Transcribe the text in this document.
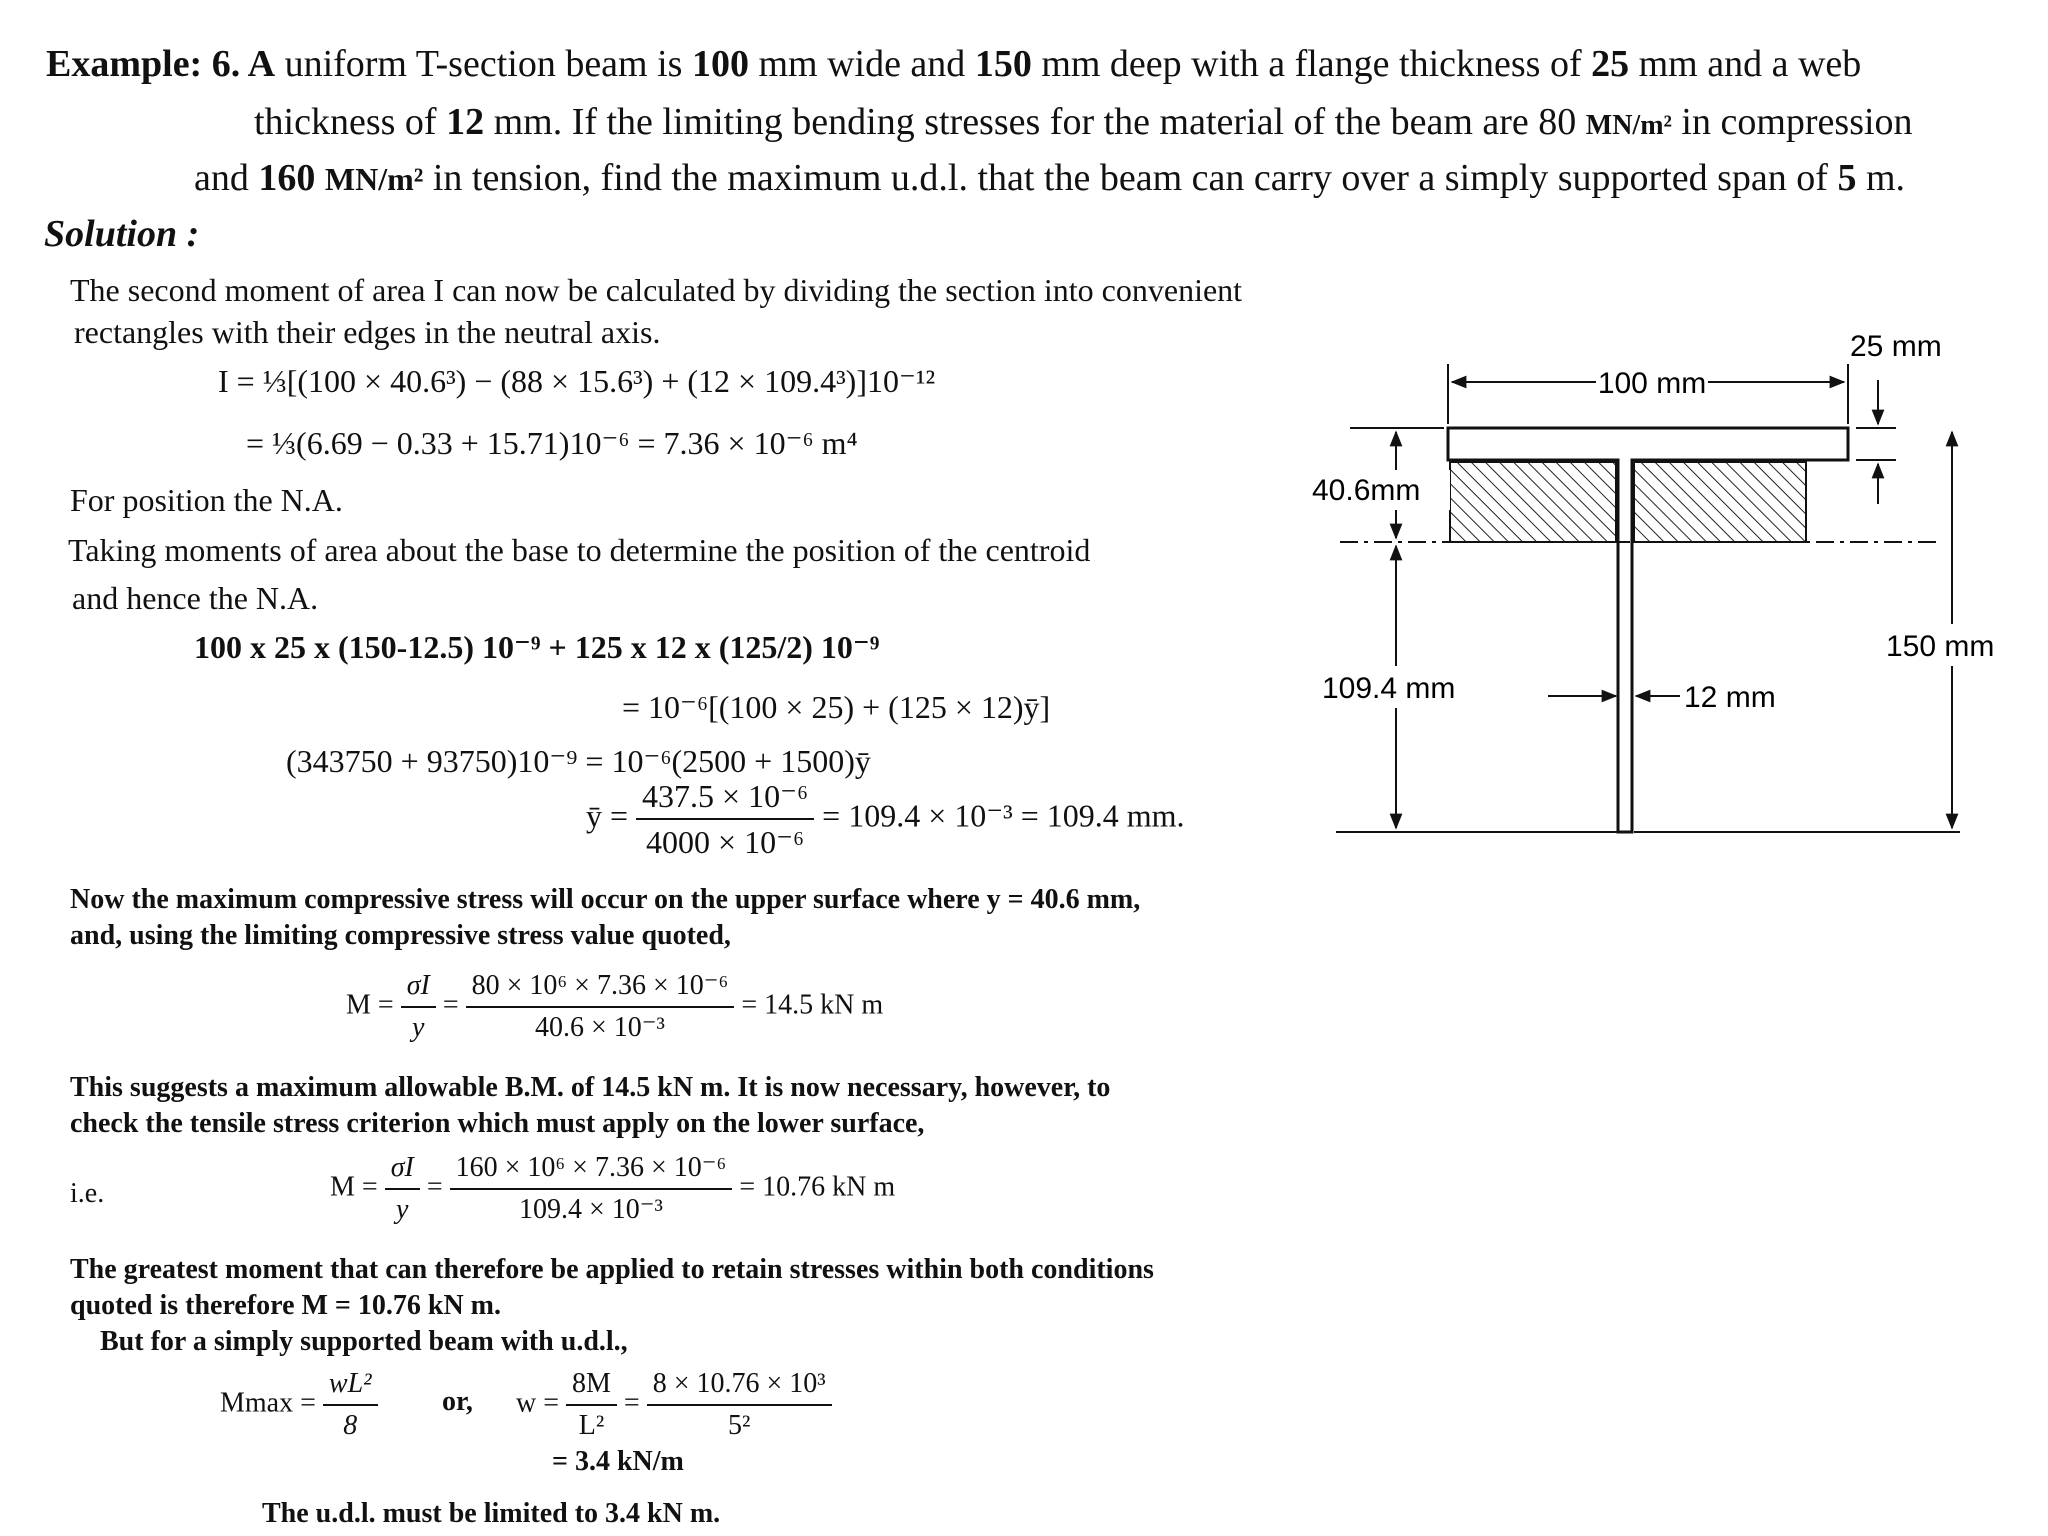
Example: 6. A uniform T-section beam is 100 mm wide and 150 mm deep with a flange thickness of 25 mm and a web
thickness of 12 mm. If the limiting bending stresses for the material of the beam are 80 MN/m² in compression
and 160 MN/m² in tension, find the maximum u.d.l. that the beam can carry over a simply supported span of 5 m.
Solution :
The second moment of area I can now be calculated by dividing the section into convenient
rectangles with their edges in the neutral axis.
I = ⅓[(100 × 40.6³) − (88 × 15.6³) + (12 × 109.4³)]10⁻¹²
= ⅓(6.69 − 0.33 + 15.71)10⁻⁶ = 7.36 × 10⁻⁶ m⁴
For position the N.A.
Taking moments of area about the base to determine the position of the centroid
and hence the N.A.
100 x 25 x (150-12.5) 10⁻⁹ + 125 x 12 x (125/2) 10⁻⁹
= 10⁻⁶[(100 × 25) + (125 × 12)ȳ]
(343750 + 93750)10⁻⁹ = 10⁻⁶(2500 + 1500)ȳ
ȳ = $\frac{\text{437.5 × 10⁻⁶}}{\text{4000 × 10⁻⁶}} = 109.4 \times 10^{-3} = 109.4$ mm.
Now the maximum compressive stress will occur on the upper surface where y = 40.6 mm,
and, using the limiting compressive stress value quoted,
$M = \frac{\sigma I}{y} = \frac{\text{80 × 10⁶ × 7.36 × 10⁻⁶}}{\text{40.6 × 10⁻³}} = 14.5$ kN m
This suggests a maximum allowable B.M. of 14.5 kN m. It is now necessary, however, to
check the tensile stress criterion which must apply on the lower surface,
i.e.	$M = \frac{\sigma I}{y} = \frac{\text{160 × 10⁶ × 7.36 × 10⁻⁶}}{\text{109.4 × 10⁻³}} = 10.76$ kN m
The greatest moment that can therefore be applied to retain stresses within both conditions
quoted is therefore M = 10.76 kN m.
But for a simply supported beam with u.d.l.,
$Mmax = \frac{\text{wL²}}{8}$ or, $w = \frac{8M}{\text{L²}} = \frac{\text{8 × 10.76 × 10³}}{\text{5²}}$
= 3.4 kN/m
The u.d.l. must be limited to 3.4 kN m.
100 mm
25 mm
40.6mm
109.4 mm	12 mm
150 mm
